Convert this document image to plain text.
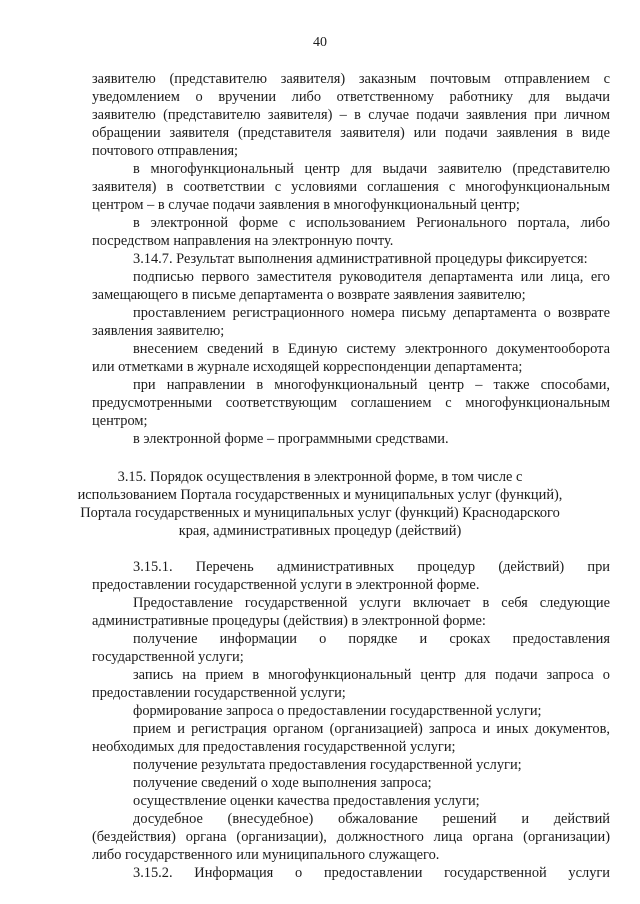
40
заявителю (представителю заявителя) заказным почтовым отправлением с
уведомлением о вручении либо ответственному работнику для выдачи
заявителю (представителю заявителя) – в случае подачи заявления при личном
обращении заявителя (представителя заявителя) или подачи заявления в виде
почтового отправления;
в многофункциональный центр для выдачи заявителю (представителю
заявителя) в соответствии с условиями соглашения с многофункциональным
центром – в случае подачи заявления в многофункциональный центр;
в электронной форме с использованием Регионального портала, либо
посредством направления на электронную почту.
3.14.7. Результат выполнения административной процедуры фиксируется:
подписью первого заместителя руководителя департамента или лица, его
замещающего в письме департамента о возврате заявления заявителю;
проставлением регистрационного номера письму департамента о возврате
заявления заявителю;
внесением сведений в Единую систему электронного документооборота
или отметками в журнале исходящей корреспонденции департамента;
при направлении в многофункциональный центр – также способами,
предусмотренными соответствующим соглашением с многофункциональным
центром;
в электронной форме – программными средствами.
3.15. Порядок осуществления в электронной форме, в том числе с
использованием Портала государственных и муниципальных услуг (функций),
Портала государственных и муниципальных услуг (функций) Краснодарского
края, административных процедур (действий)
3.15.1. Перечень административных процедур (действий) при
предоставлении государственной услуги в электронной форме.
Предоставление государственной услуги включает в себя следующие
административные процедуры (действия) в электронной форме:
получение информации о порядке и сроках предоставления
государственной услуги;
запись на прием в многофункциональный центр для подачи запроса о
предоставлении государственной услуги;
формирование запроса о предоставлении государственной услуги;
прием и регистрация органом (организацией) запроса и иных документов,
необходимых для предоставления государственной услуги;
получение результата предоставления государственной услуги;
получение сведений о ходе выполнения запроса;
осуществление оценки качества предоставления услуги;
досудебное (внесудебное) обжалование решений и действий
(бездействия) органа (организации), должностного лица органа (организации)
либо государственного или муниципального служащего.
3.15.2. Информация о предоставлении государственной услуги
